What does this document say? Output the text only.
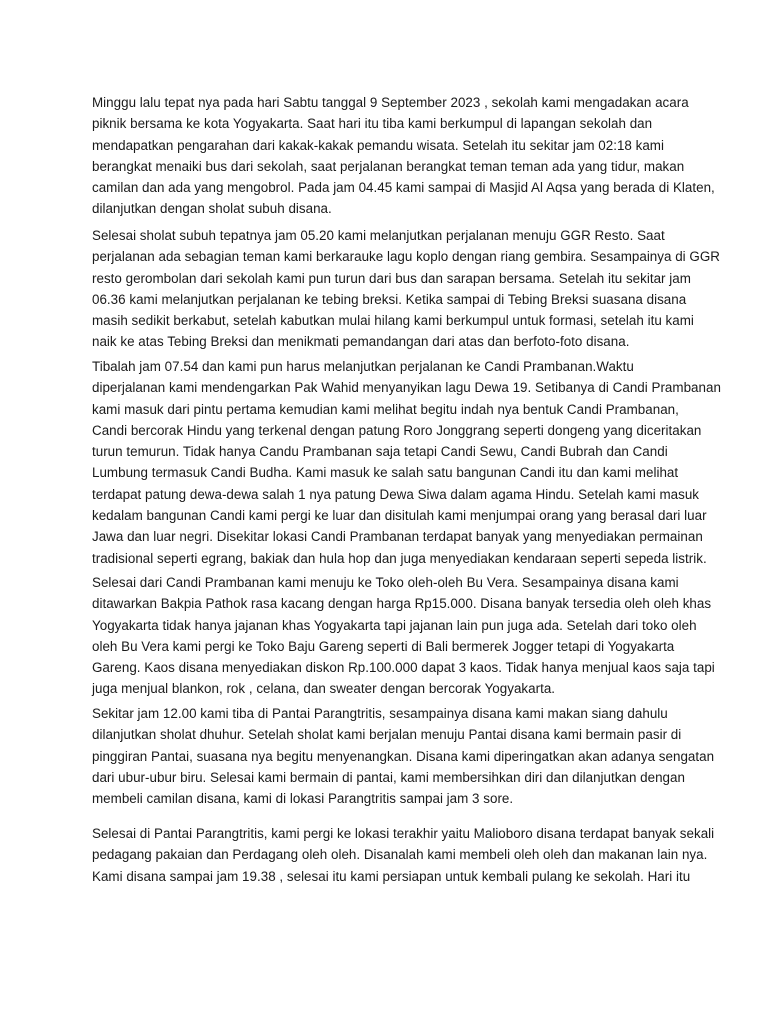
Minggu lalu tepat nya pada hari Sabtu tanggal 9 September 2023 , sekolah kami mengadakan acara
piknik bersama ke kota Yogyakarta. Saat hari itu tiba kami berkumpul di lapangan sekolah dan
mendapatkan pengarahan dari kakak-kakak pemandu wisata. Setelah itu sekitar jam 02:18 kami
berangkat menaiki bus dari sekolah, saat perjalanan berangkat teman teman ada yang tidur, makan
camilan dan ada yang mengobrol. Pada jam 04.45 kami sampai di Masjid Al Aqsa yang berada di Klaten,
dilanjutkan dengan sholat subuh disana.

Selesai sholat subuh tepatnya jam 05.20 kami melanjutkan perjalanan menuju GGR Resto. Saat
perjalanan ada sebagian teman kami berkarauke lagu koplo dengan riang gembira. Sesampainya di GGR
resto gerombolan dari sekolah kami pun turun dari bus dan sarapan bersama. Setelah itu sekitar jam
06.36 kami melanjutkan perjalanan ke tebing breksi. Ketika sampai di Tebing Breksi suasana disana
masih sedikit berkabut, setelah kabutkan mulai hilang kami berkumpul untuk formasi, setelah itu kami
naik ke atas Tebing Breksi dan menikmati pemandangan dari atas dan berfoto-foto disana.

Tibalah jam 07.54 dan kami pun harus melanjutkan perjalanan ke Candi Prambanan.Waktu
diperjalanan kami mendengarkan Pak Wahid menyanyikan lagu Dewa 19. Setibanya di Candi Prambanan
kami masuk dari pintu pertama kemudian kami melihat begitu indah nya bentuk Candi Prambanan,
Candi bercorak Hindu yang terkenal dengan patung Roro Jonggrang seperti dongeng yang diceritakan
turun temurun. Tidak hanya Candu Prambanan saja tetapi Candi Sewu, Candi Bubrah dan Candi
Lumbung termasuk Candi Budha. Kami masuk ke salah satu bangunan Candi itu dan kami melihat
terdapat patung dewa-dewa salah 1 nya patung Dewa Siwa dalam agama Hindu. Setelah kami masuk
kedalam bangunan Candi kami pergi ke luar dan disitulah kami menjumpai orang yang berasal dari luar
Jawa dan luar negri. Disekitar lokasi Candi Prambanan terdapat banyak yang menyediakan permainan
tradisional seperti egrang, bakiak dan hula hop dan juga menyediakan kendaraan seperti sepeda listrik.

Selesai dari Candi Prambanan kami menuju ke Toko oleh-oleh Bu Vera. Sesampainya disana kami
ditawarkan Bakpia Pathok rasa kacang dengan harga Rp15.000. Disana banyak tersedia oleh oleh khas
Yogyakarta tidak hanya jajanan khas Yogyakarta tapi jajanan lain pun juga ada. Setelah dari toko oleh
oleh Bu Vera kami pergi ke Toko Baju Gareng seperti di Bali bermerek Jogger tetapi di Yogyakarta
Gareng. Kaos disana menyediakan diskon Rp.100.000 dapat 3 kaos. Tidak hanya menjual kaos saja tapi
juga menjual blankon, rok , celana, dan sweater dengan bercorak Yogyakarta.

Sekitar jam 12.00 kami tiba di Pantai Parangtritis, sesampainya disana kami makan siang dahulu
dilanjutkan sholat dhuhur. Setelah sholat kami berjalan menuju Pantai disana kami bermain pasir di
pinggiran Pantai, suasana nya begitu menyenangkan. Disana kami diperingatkan akan adanya sengatan
dari ubur-ubur biru. Selesai kami bermain di pantai, kami membersihkan diri dan dilanjutkan dengan
membeli camilan disana, kami di lokasi Parangtritis sampai jam 3 sore.

Selesai di Pantai Parangtritis, kami pergi ke lokasi terakhir yaitu Malioboro disana terdapat banyak sekali
pedagang pakaian dan Perdagang oleh oleh. Disanalah kami membeli oleh oleh dan makanan lain nya.
Kami disana sampai jam 19.38 , selesai itu kami persiapan untuk kembali pulang ke sekolah. Hari itu
